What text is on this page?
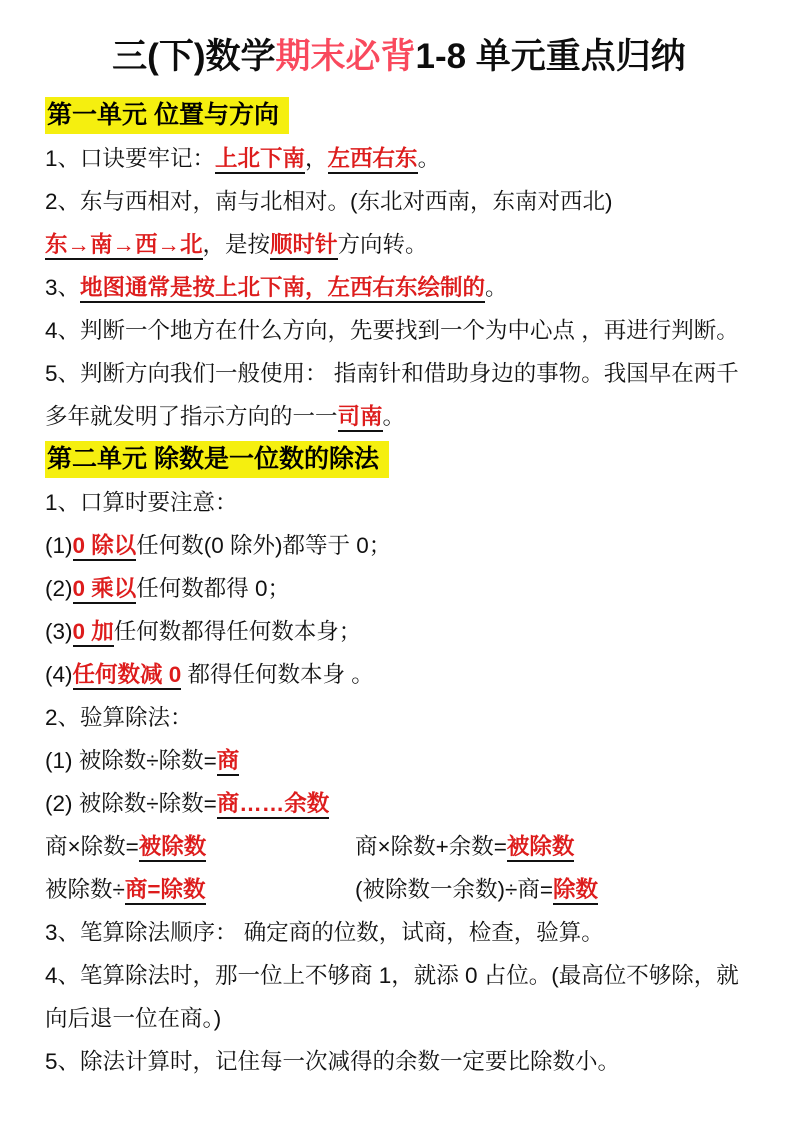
三(下)数学期末必背1-8 单元重点归纳
第一单元 位置与方向
1、口诀要牢记：上北下南，左西右东。
2、东与西相对，南与北相对。(东北对西南，东南对西北)
东→南→西→北，是按顺时针方向转。
3、地图通常是按上北下南，左西右东绘制的。
4、判断一个地方在什么方向，先要找到一个为中心点 ，再进行判断。
5、判断方向我们一般使用： 指南针和借助身边的事物。我国早在两千多年就发明了指示方向的一一司南。
第二单元 除数是一位数的除法
1、口算时要注意：
(1)0 除以任何数(0 除外)都等于 0；
(2)0 乘以任何数都得 0；
(3)0 加任何数都得任何数本身；
(4)任何数减 0 都得任何数本身 。
2、验算除法：
(1) 被除数÷除数=商
(2) 被除数÷除数=商……余数
商×除数=被除数	商×除数+余数=被除数
被除数÷商=除数	(被除数一余数)÷商=除数
3、笔算除法顺序： 确定商的位数，试商，检查，验算。
4、笔算除法时，那一位上不够商 1，就添 0 占位。(最高位不够除，就向后退一位在商。)
5、除法计算时，记住每一次减得的余数一定要比除数小。
